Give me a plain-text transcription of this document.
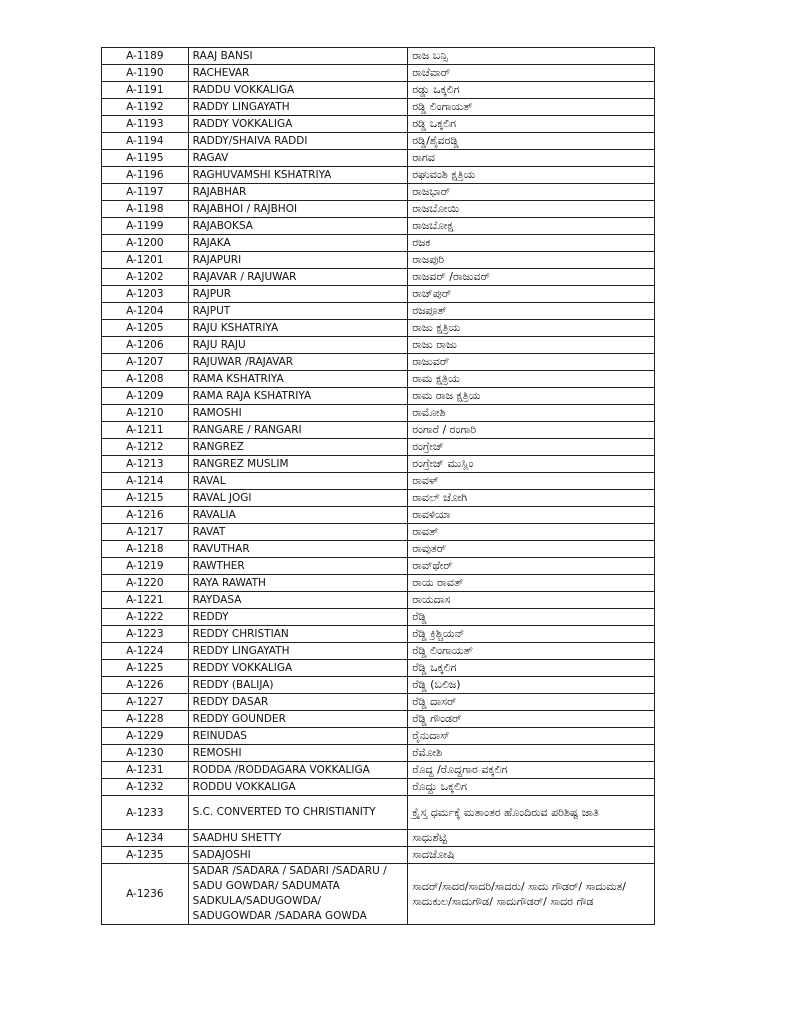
A-1189	RAAJ BANSI	ರಾಜ ಬನ್ಸಿ
A-1190	RACHEVAR	ರಾಚೆವಾರ್
A-1191	RADDU VOKKALIGA	ರಡ್ಡು ಒಕ್ಕಲಿಗ
A-1192	RADDY LINGAYATH	ರಡ್ಡಿ ಲಿಂಗಾಯತ್
A-1193	RADDY VOKKALIGA	ರಡ್ಡಿ ಒಕ್ಕಲಿಗ
A-1194	RADDY/SHAIVA RADDI	ರಡ್ಡಿ/ಶೈವರಡ್ಡಿ
A-1195	RAGAV	ರಾಗವ
A-1196	RAGHUVAMSHI KSHATRIYA	ರಘುವಂಶಿ ಕ್ಷತ್ರಿಯ
A-1197	RAJABHAR	ರಾಜಭಾರ್
A-1198	RAJABHOI / RAJBHOI	ರಾಜಬೋಯಿ
A-1199	RAJABOKSA	ರಾಜಬೋಕ್ಷ
A-1200	RAJAKA	ರಜಕ
A-1201	RAJAPURI	ರಾಜಪುರಿ
A-1202	RAJAVAR / RAJUWAR	ರಾಜವರ್ /ರಾಜುವರ್
A-1203	RAJPUR	ರಾಜ್‌ಪುರ್
A-1204	RAJPUT	ರಜಪೂತ್
A-1205	RAJU KSHATRIYA	ರಾಜು ಕ್ಷತ್ರಿಯ
A-1206	RAJU RAJU	ರಾಜು ರಾಜು
A-1207	RAJUWAR /RAJAVAR	ರಾಜುವರ್
A-1208	RAMA KSHATRIYA	ರಾಮ ಕ್ಷತ್ರಿಯ
A-1209	RAMA RAJA KSHATRIYA	ರಾಮ ರಾಜ ಕ್ಷತ್ರಿಯ
A-1210	RAMOSHI	ರಾಮೋಶಿ
A-1211	RANGARE / RANGARI	ರಂಗಾರೆ / ರಂಗಾರಿ
A-1212	RANGREZ	ರಂಗ್ರೇಜ್
A-1213	RANGREZ MUSLIM	ರಂಗ್ರೇಜ್ ಮುಸ್ಲಿಂ
A-1214	RAVAL	ರಾವಳ್
A-1215	RAVAL JOGI	ರಾವಲ್ ಜೋಗಿ
A-1216	RAVALIA	ರಾವಳಿಯಾ
A-1217	RAVAT	ರಾವತ್
A-1218	RAVUTHAR	ರಾವುತರ್
A-1219	RAWTHER	ರಾವ್‌ಥೇರ್
A-1220	RAYA RAWATH	ರಾಯ ರಾವತ್
A-1221	RAYDASA	ರಾಯದಾಸ
A-1222	REDDY	ರೆಡ್ಡಿ
A-1223	REDDY CHRISTIAN	ರೆಡ್ಡಿ ಕ್ರಿಶ್ಚಿಯನ್
A-1224	REDDY LINGAYATH	ರೆಡ್ಡಿ ಲಿಂಗಾಯತ್
A-1225	REDDY VOKKALIGA	ರೆಡ್ಡಿ ಒಕ್ಕಲಿಗ
A-1226	REDDY (BALIJA)	ರೆಡ್ಡಿ (ಬಲಿಜ)
A-1227	REDDY DASAR	ರೆಡ್ಡಿ ದಾಸರ್
A-1228	REDDY GOUNDER	ರೆಡ್ಡಿ ಗೌಂಡರ್
A-1229	REINUDAS	ರೈನುದಾಸ್
A-1230	REMOSHI	ರೆಮೋಶಿ
A-1231	RODDA /RODDAGARA VOKKALIGA	ರೊದ್ದ /ರೊದ್ದಗಾರ ವಕ್ಕಲಿಗ
A-1232	RODDU VOKKALIGA	ರೊದ್ದು ಒಕ್ಕಲಿಗ
A-1233	S.C. CONVERTED TO CHRISTIANITY	ಕ್ರೈಸ್ತ ಧರ್ಮಕ್ಕೆ ಮತಾಂತರ ಹೊಂದಿರುವ ಪರಿಶಿಷ್ಟ ಜಾತಿ
A-1234	SAADHU SHETTY	ಸಾಧುಶೆಟ್ಟಿ
A-1235	SADAJOSHI	ಸಾದಜೋಷಿ
A-1236	SADAR /SADARA / SADARI /SADARU / SADU GOWDAR/ SADUMATA SADKULA/SADUGOWDA/ SADUGOWDAR /SADARA GOWDA	ಸಾದರ್/ಸಾದರ/ಸಾದರಿ/ಸಾದರು/ ಸಾದು ಗೌಡರ್/ ಸಾದುಮತ/ಸಾದುಕುಲ/ಸಾದುಗೌಡ/ ಸಾದುಗೌಡರ್/ ಸಾದರ ಗೌಡ
